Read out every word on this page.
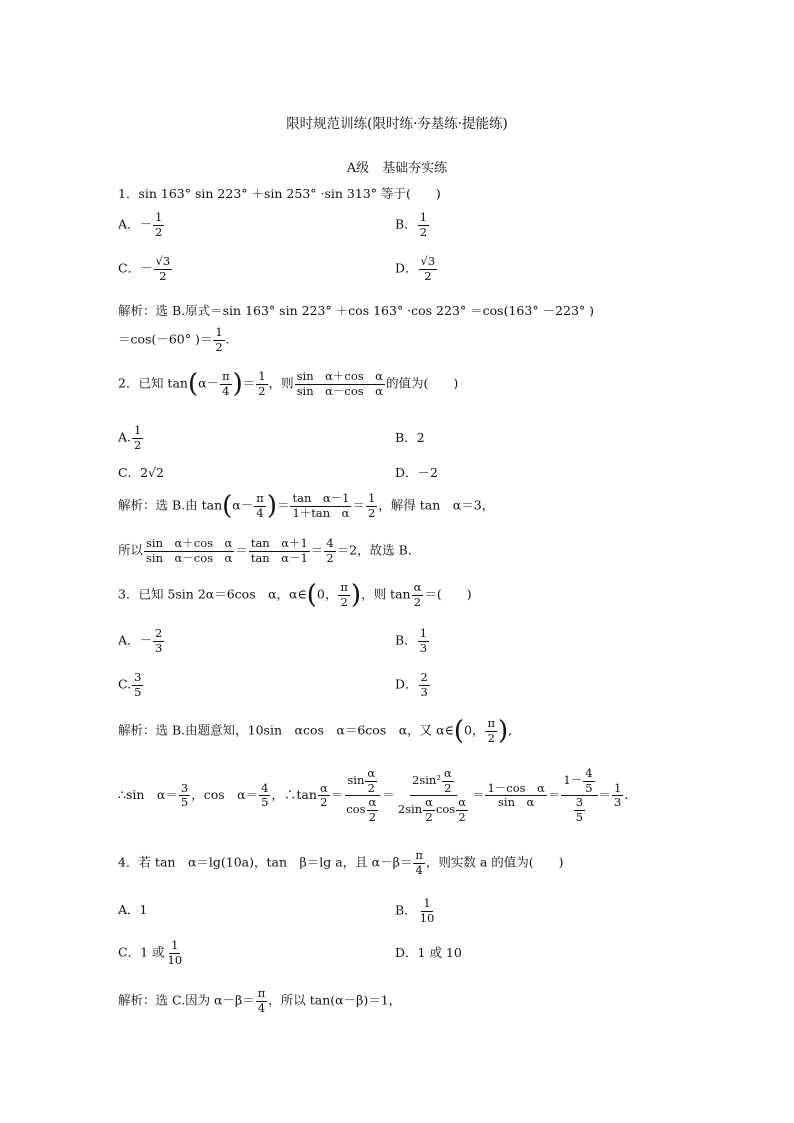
限时规范训练(限时练·夯基练·提能练)
A级　基础夯实练
1．sin 163° sin 223° ＋sin 253° ·sin 313° 等于(　　)
A．－ $\frac{1}{2}$	B． $\frac{1}{2}$
C．－ $\frac{√3}{2}$	D． $\frac{√3}{2}$
解析：选 B.原式＝sin 163° sin 223° ＋cos 163° ·cos 223° ＝cos(163° －223° )
＝cos(－60° )＝ $\frac{1}{2}$ .
2．已知 $\tan(\alpha- \frac{\pi}{4}$ )＝ $\frac{1}{2}$ ，则 $\frac{\text{sin　α＋cos　α}}{\text{sin　α－cos　α}}$ 的值为(　　)
A. $\frac{1}{2}$	B．2
C．2√2	D．－2
解析：选 B.由 $\tan(\alpha- \frac{\pi}{4}$ )＝ $\frac{\text{tan　α－1}}{\text{1＋tan　α}} = \frac{1}{2}$ ，解得 tan　α＝3，
所以 $\frac{\text{sin　α＋cos　α}}{\text{sin　α－cos　α}} = \frac{\text{tan　α＋1}}{\text{tan　α－1}} = \frac{4}{2} =2$，故选 B.
3．已知 5sin 2α＝6cos　α，α∈(0， $\frac{\pi}{2}$ )，则 $\tan \frac{\alpha}{2}$ ＝(　　)
A．－ $\frac{2}{3}$	B． $\frac{1}{3}$
C. $\frac{3}{5}$	D． $\frac{2}{3}$
解析：选 B.由题意知，10sin　αcos　α＝6cos　α，又 α∈(0， $\frac{\pi}{2}$ ),
∴sin　$\alpha= \frac{3}{5}$ ，cos　$\alpha= \frac{4}{5}$ ，∴tan $\frac{\alpha}{2} = \frac{\sin \frac{\alpha}{2}}{\cos \frac{\alpha}{2}} = \frac{2\sin^2 \frac{\alpha}{2}}{2\sin \frac{\alpha}{2} \cos \frac{\alpha}{2}} = \frac{\text{1－cos　α}}{\text{sin　α}} = \frac{1- \frac{4}{5}}{\frac{3}{5}} = \frac{1}{3}$ .
4．若 tan　α＝lg(10a)，tan　β＝lg a，且 $\alpha-\beta= \frac{\pi}{4}$ ，则实数 a 的值为(　　)
A．1	B． $\frac{1}{10}$
C．1 或 $\frac{1}{10}$	D．1 或 10
解析：选 C.因为 $\alpha-\beta= \frac{\pi}{4}$ ，所以 tan(α－β)＝1，
